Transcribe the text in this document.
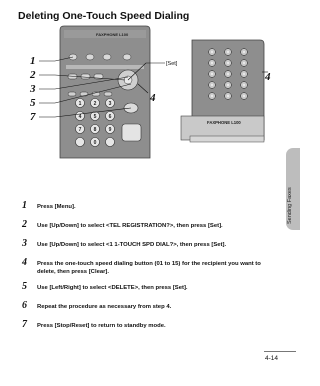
Deleting One-Touch Speed Dialing
FAXPHONE L100
1 2 3
4 5 6
7 8 9
0
1
2
3
5
7
[Set]
4
FAXPHONE L100
4
Sending Faxes
1 Press [Menu].
2 Use [Up/Down] to select <TEL REGISTRATION?>, then press [Set].
3 Use [Up/Down] to select <1 1-TOUCH SPD DIAL?>, then press [Set].
4 Press the one-touch speed dialing button (01 to 15) for the recipient you want to delete, then press [Clear].
5 Use [Left/Right] to select <DELETE>, then press [Set].
6 Repeat the procedure as necessary from step 4.
7 Press [Stop/Reset] to return to standby mode.
4-14
